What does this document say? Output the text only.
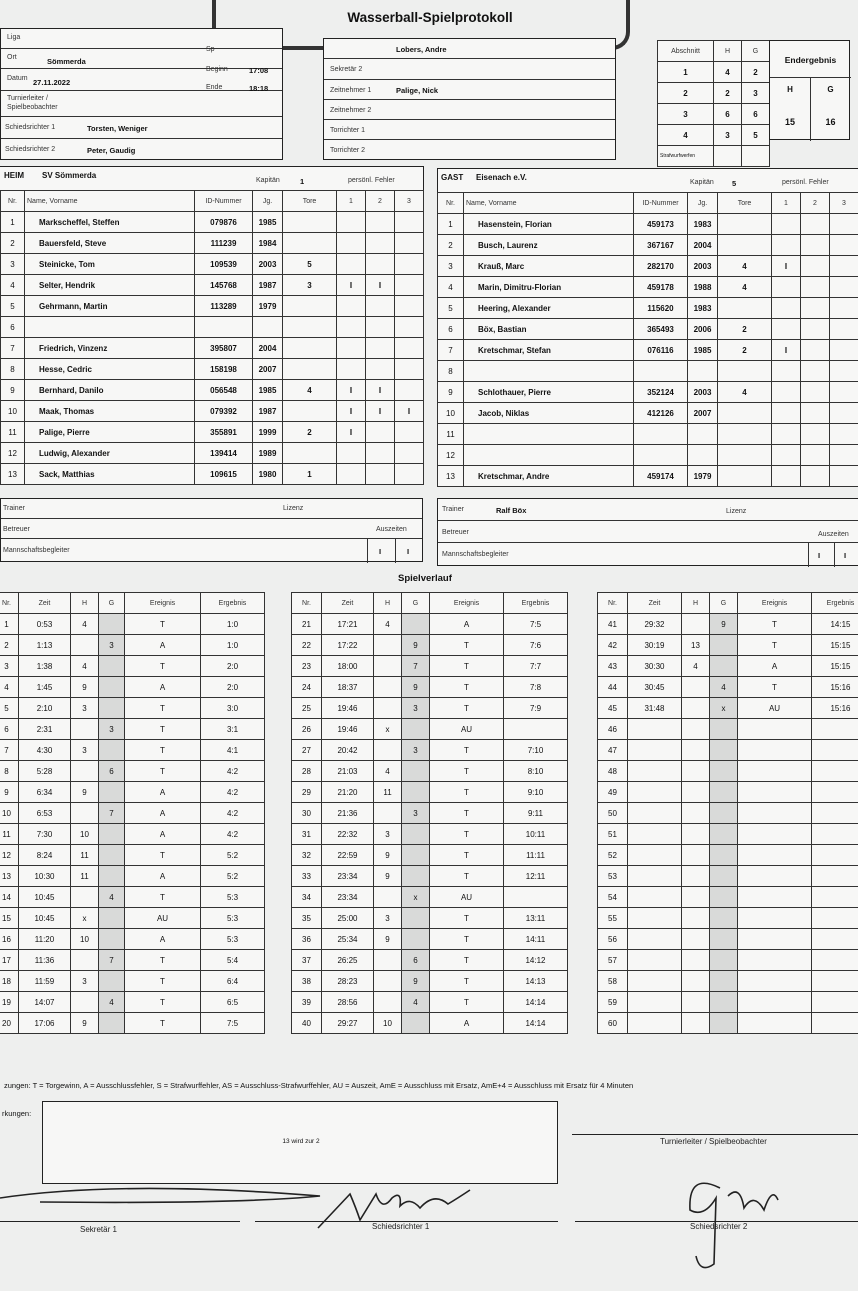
Wasserball-Spielprotokoll
Liga
Sp
Ort	Sömmerda
Beginn	17:08
Datum 27.11.2022
Ende	18:18
Turnierleiter / Spielbeobachter
Schiedsrichter 1	Torsten, Weniger
Schiedsrichter 2	Peter, Gaudig
Lobers, Andre
Sekretär 2
Zeitnehmer 1	Palige, Nick
Zeitnehmer 2
Torrichter 1
Torrichter 2
Abschnitt	H	G
1	4	2
2	2	3
3	6	6
4	3	5
Strafwurfwerfen		
Endergebnis
H	G
15	16
HEIM SV Sömmerda
Kapitän	1	persönl. Fehler
Nr.	Name, Vorname	ID-Nummer	Jg.	Tore	1	2	3
1	Markscheffel, Steffen	079876	1985				
2	Bauersfeld, Steve	111239	1984				
3	Steinicke, Tom	109539	2003	5			
4	Selter, Hendrik	145768	1987	3	I	I	
5	Gehrmann, Martin	113289	1979				
6							
7	Friedrich, Vinzenz	395807	2004				
8	Hesse, Cedric	158198	2007				
9	Bernhard, Danilo	056548	1985	4	I	I	
10	Maak, Thomas	079392	1987		I	I	I
11	Palige, Pierre	355891	1999	2	I		
12	Ludwig, Alexander	139414	1989				
13	Sack, Matthias	109615	1980	1			
Trainer	Lizenz
Betreuer	Auszeiten
Mannschaftsbegleiter	I	I
GAST Eisenach e.V.
Kapitän 5	persönl. Fehler
Nr.	Name, Vorname	ID-Nummer	Jg.	Tore	1	2	3
1	Hasenstein, Florian	459173	1983				
2	Busch, Laurenz	367167	2004				
3	Krauß, Marc	282170	2003	4	I		
4	Marin, Dimitru-Florian	459178	1988	4			
5	Heering, Alexander	115620	1983				
6	Böx, Bastian	365493	2006	2			
7	Kretschmar, Stefan	076116	1985	2	I		
8							
9	Schlothauer, Pierre	352124	2003	4			
10	Jacob, Niklas	412126	2007				
11							
12							
13	Kretschmar, Andre	459174	1979				
Trainer	Ralf Böx	Lizenz
Betreuer	Auszeiten
Mannschaftsbegleiter	I	I
Spielverlauf
Nr.	Zeit	H	G	Ereignis	Ergebnis
1	0:53	4		T	1:0
2	1:13		3	A	1:0
3	1:38	4		T	2:0
4	1:45	9		A	2:0
5	2:10	3		T	3:0
6	2:31		3	T	3:1
7	4:30	3		T	4:1
8	5:28		6	T	4:2
9	6:34	9		A	4:2
10	6:53		7	A	4:2
11	7:30	10		A	4:2
12	8:24	11		T	5:2
13	10:30	11		A	5:2
14	10:45		4	T	5:3
15	10:45	x		AU	5:3
16	11:20	10		A	5:3
17	11:36		7	T	5:4
18	11:59	3		T	6:4
19	14:07		4	T	6:5
20	17:06	9		T	7:5
Nr.	Zeit	H	G	Ereignis	Ergebnis
21	17:21	4		A	7:5
22	17:22		9	T	7:6
23	18:00		7	T	7:7
24	18:37		9	T	7:8
25	19:46		3	T	7:9
26	19:46	x		AU	
27	20:42		3	T	7:10
28	21:03	4		T	8:10
29	21:20	11		T	9:10
30	21:36		3	T	9:11
31	22:32	3		T	10:11
32	22:59	9		T	11:11
33	23:34	9		T	12:11
34	23:34		x	AU	
35	25:00	3		T	13:11
36	25:34	9		T	14:11
37	26:25		6	T	14:12
38	28:23		9	T	14:13
39	28:56		4	T	14:14
40	29:27	10		A	14:14
Nr.	Zeit	H	G	Ereignis	Ergebnis
41	29:32		9	T	14:15
42	30:19	13		T	15:15
43	30:30	4		A	15:15
44	30:45		4	T	15:16
45	31:48		x	AU	15:16
46					
47					
48					
49					
50					
51					
52					
53					
54					
55					
56					
57					
58					
59					
60					
zungen: T = Torgewinn, A = Ausschlussfehler, S = Strafwurffehler, AS = Ausschluss-Strafwurffehler, AU = Auszeit, AmE = Ausschluss mit Ersatz, AmE+4 = Ausschluss mit Ersatz für 4 Minuten
rkungen:
13 wird zur 2	Turnierleiter / Spielbeobachter
Sekretär 1	Schiedsrichter 1	Schiedsrichter 2
